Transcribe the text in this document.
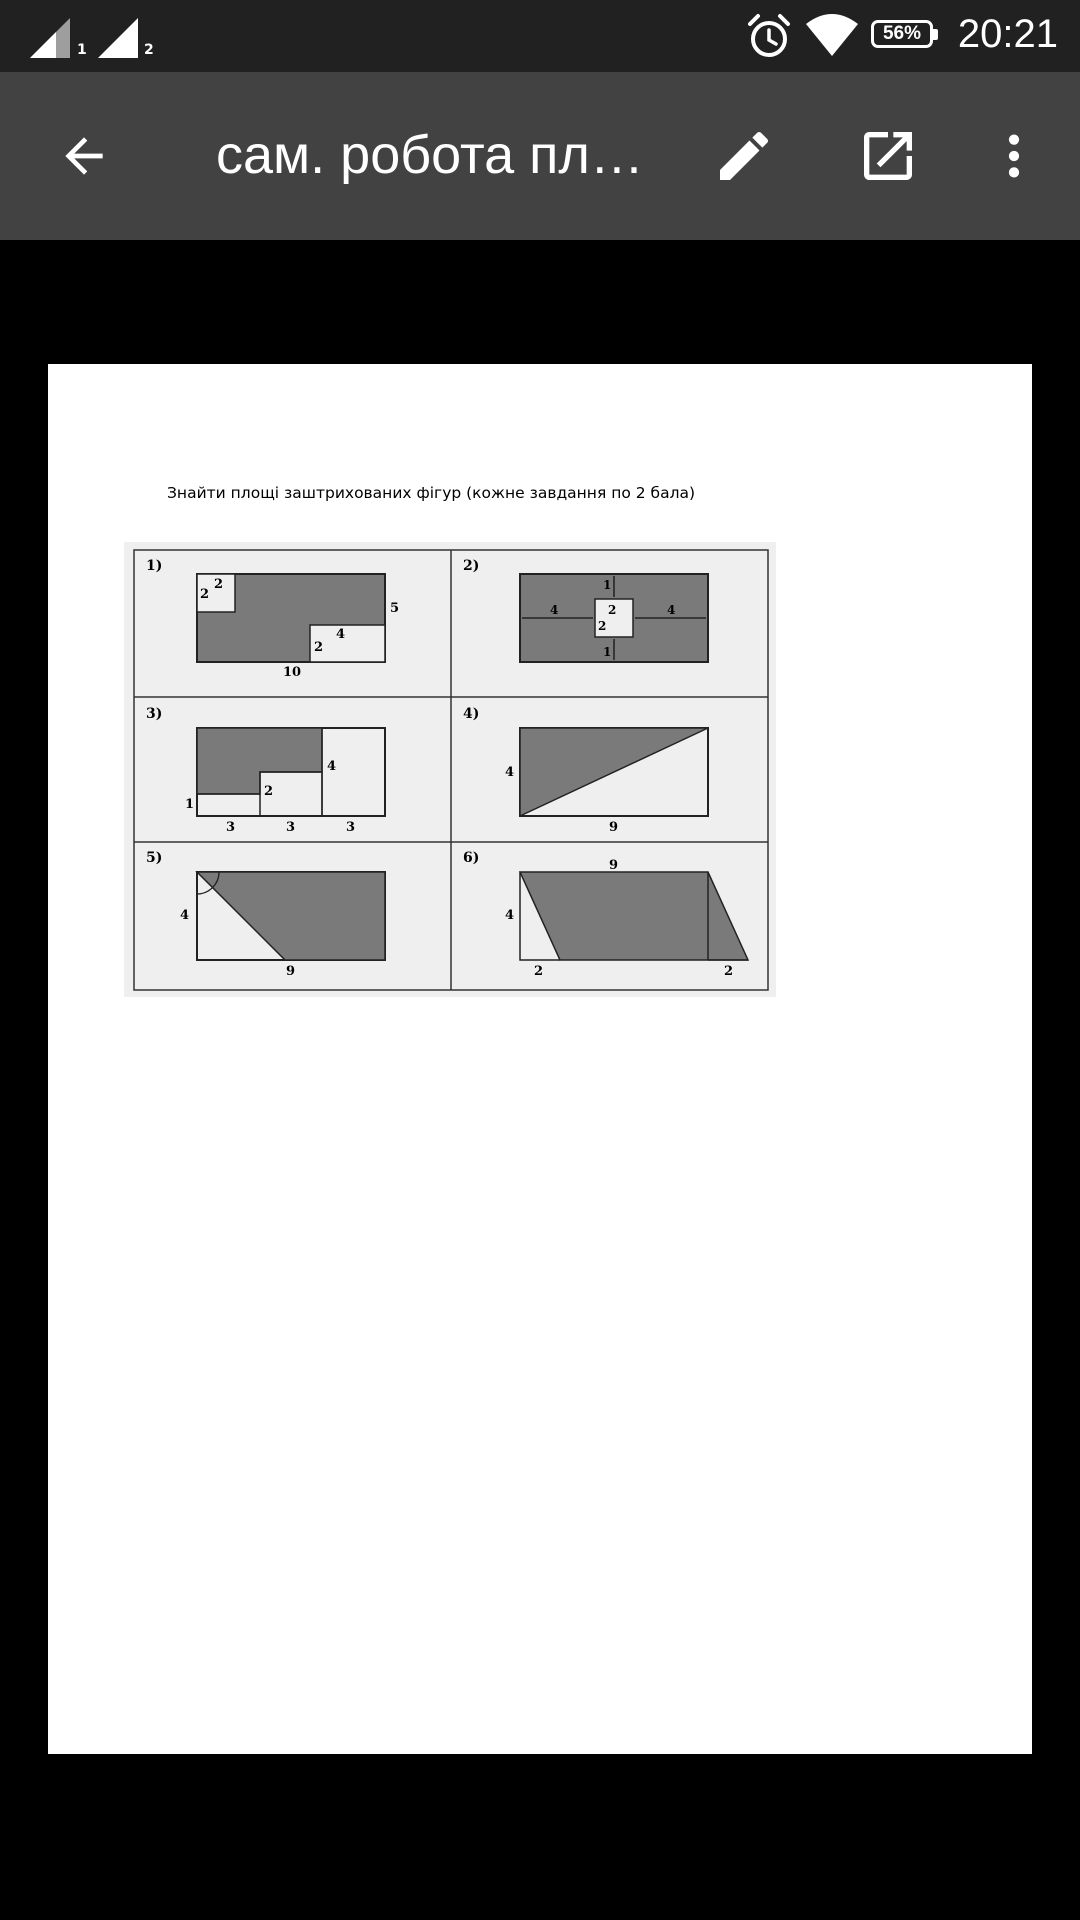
1	2
56% 20:21
сам. робота пл…
Знайти площі заштрихованих фігур (кожне завдання по 2 бала)
1)
2
2
5
4
2
10
2)
1
4	2
2
4
1
3)
4
2
1
3	3	3
4)
4
9
5)
4
9
6)	9
4
2	2
